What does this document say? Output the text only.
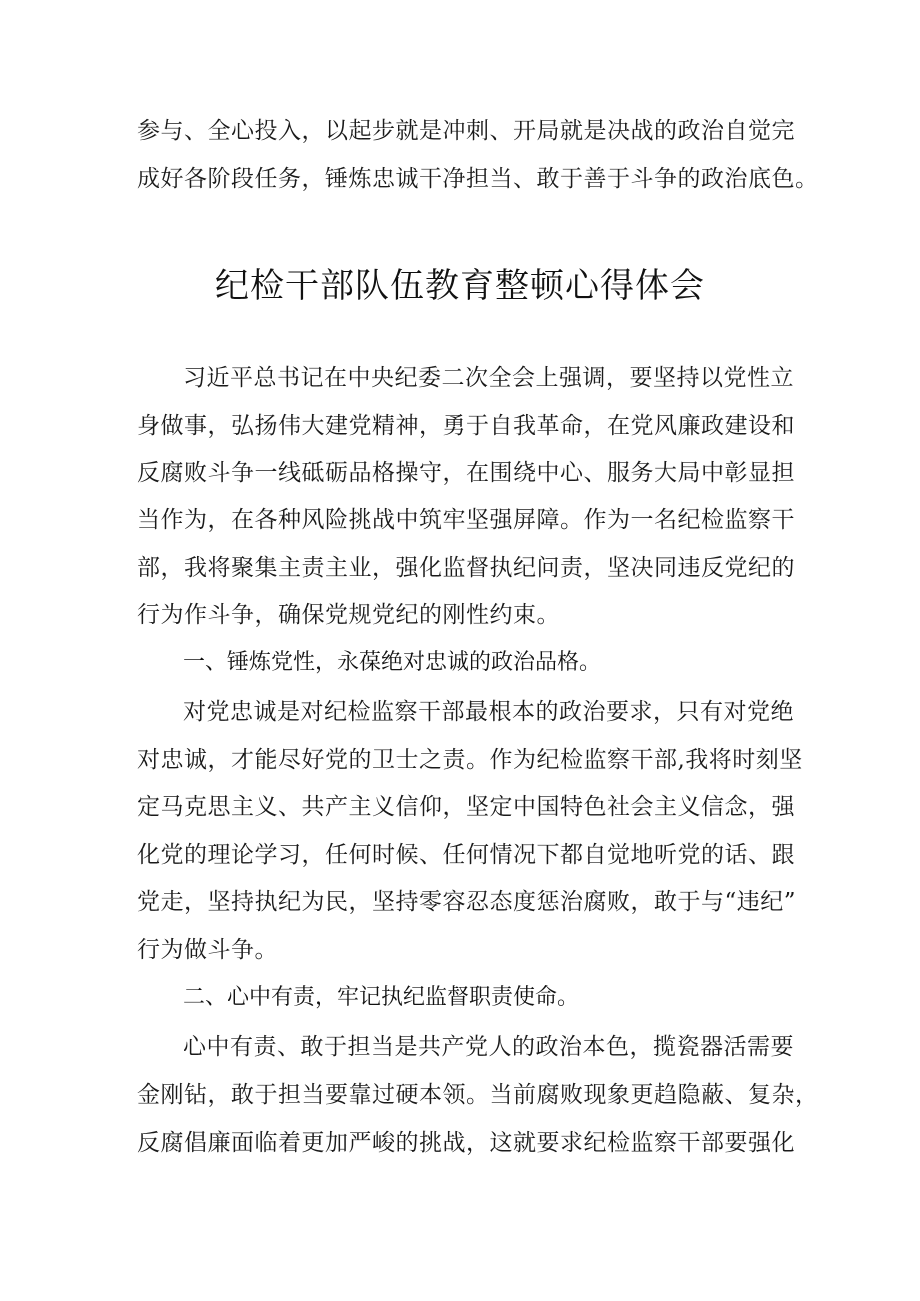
参与、全心投入，以起步就是冲刺、开局就是决战的政治自觉完
成好各阶段任务，锤炼忠诚干净担当、敢于善于斗争的政治底色。
纪检干部队伍教育整顿心得体会
习近平总书记在中央纪委二次全会上强调，要坚持以党性立
身做事，弘扬伟大建党精神，勇于自我革命，在党风廉政建设和
反腐败斗争一线砥砺品格操守，在围绕中心、服务大局中彰显担
当作为，在各种风险挑战中筑牢坚强屏障。作为一名纪检监察干
部，我将聚集主责主业，强化监督执纪问责，坚决同违反党纪的
行为作斗争，确保党规党纪的刚性约束。
一、锤炼党性，永葆绝对忠诚的政治品格。
对党忠诚是对纪检监察干部最根本的政治要求，只有对党绝
对忠诚，才能尽好党的卫士之责。作为纪检监察干部,我将时刻坚
定马克思主义、共产主义信仰，坚定中国特色社会主义信念，强
化党的理论学习，任何时候、任何情况下都自觉地听党的话、跟
党走，坚持执纪为民，坚持零容忍态度惩治腐败，敢于与“违纪”
行为做斗争。
二、心中有责，牢记执纪监督职责使命。
心中有责、敢于担当是共产党人的政治本色，揽瓷器活需要
金刚钻，敢于担当要靠过硬本领。当前腐败现象更趋隐蔽、复杂，
反腐倡廉面临着更加严峻的挑战，这就要求纪检监察干部要强化
